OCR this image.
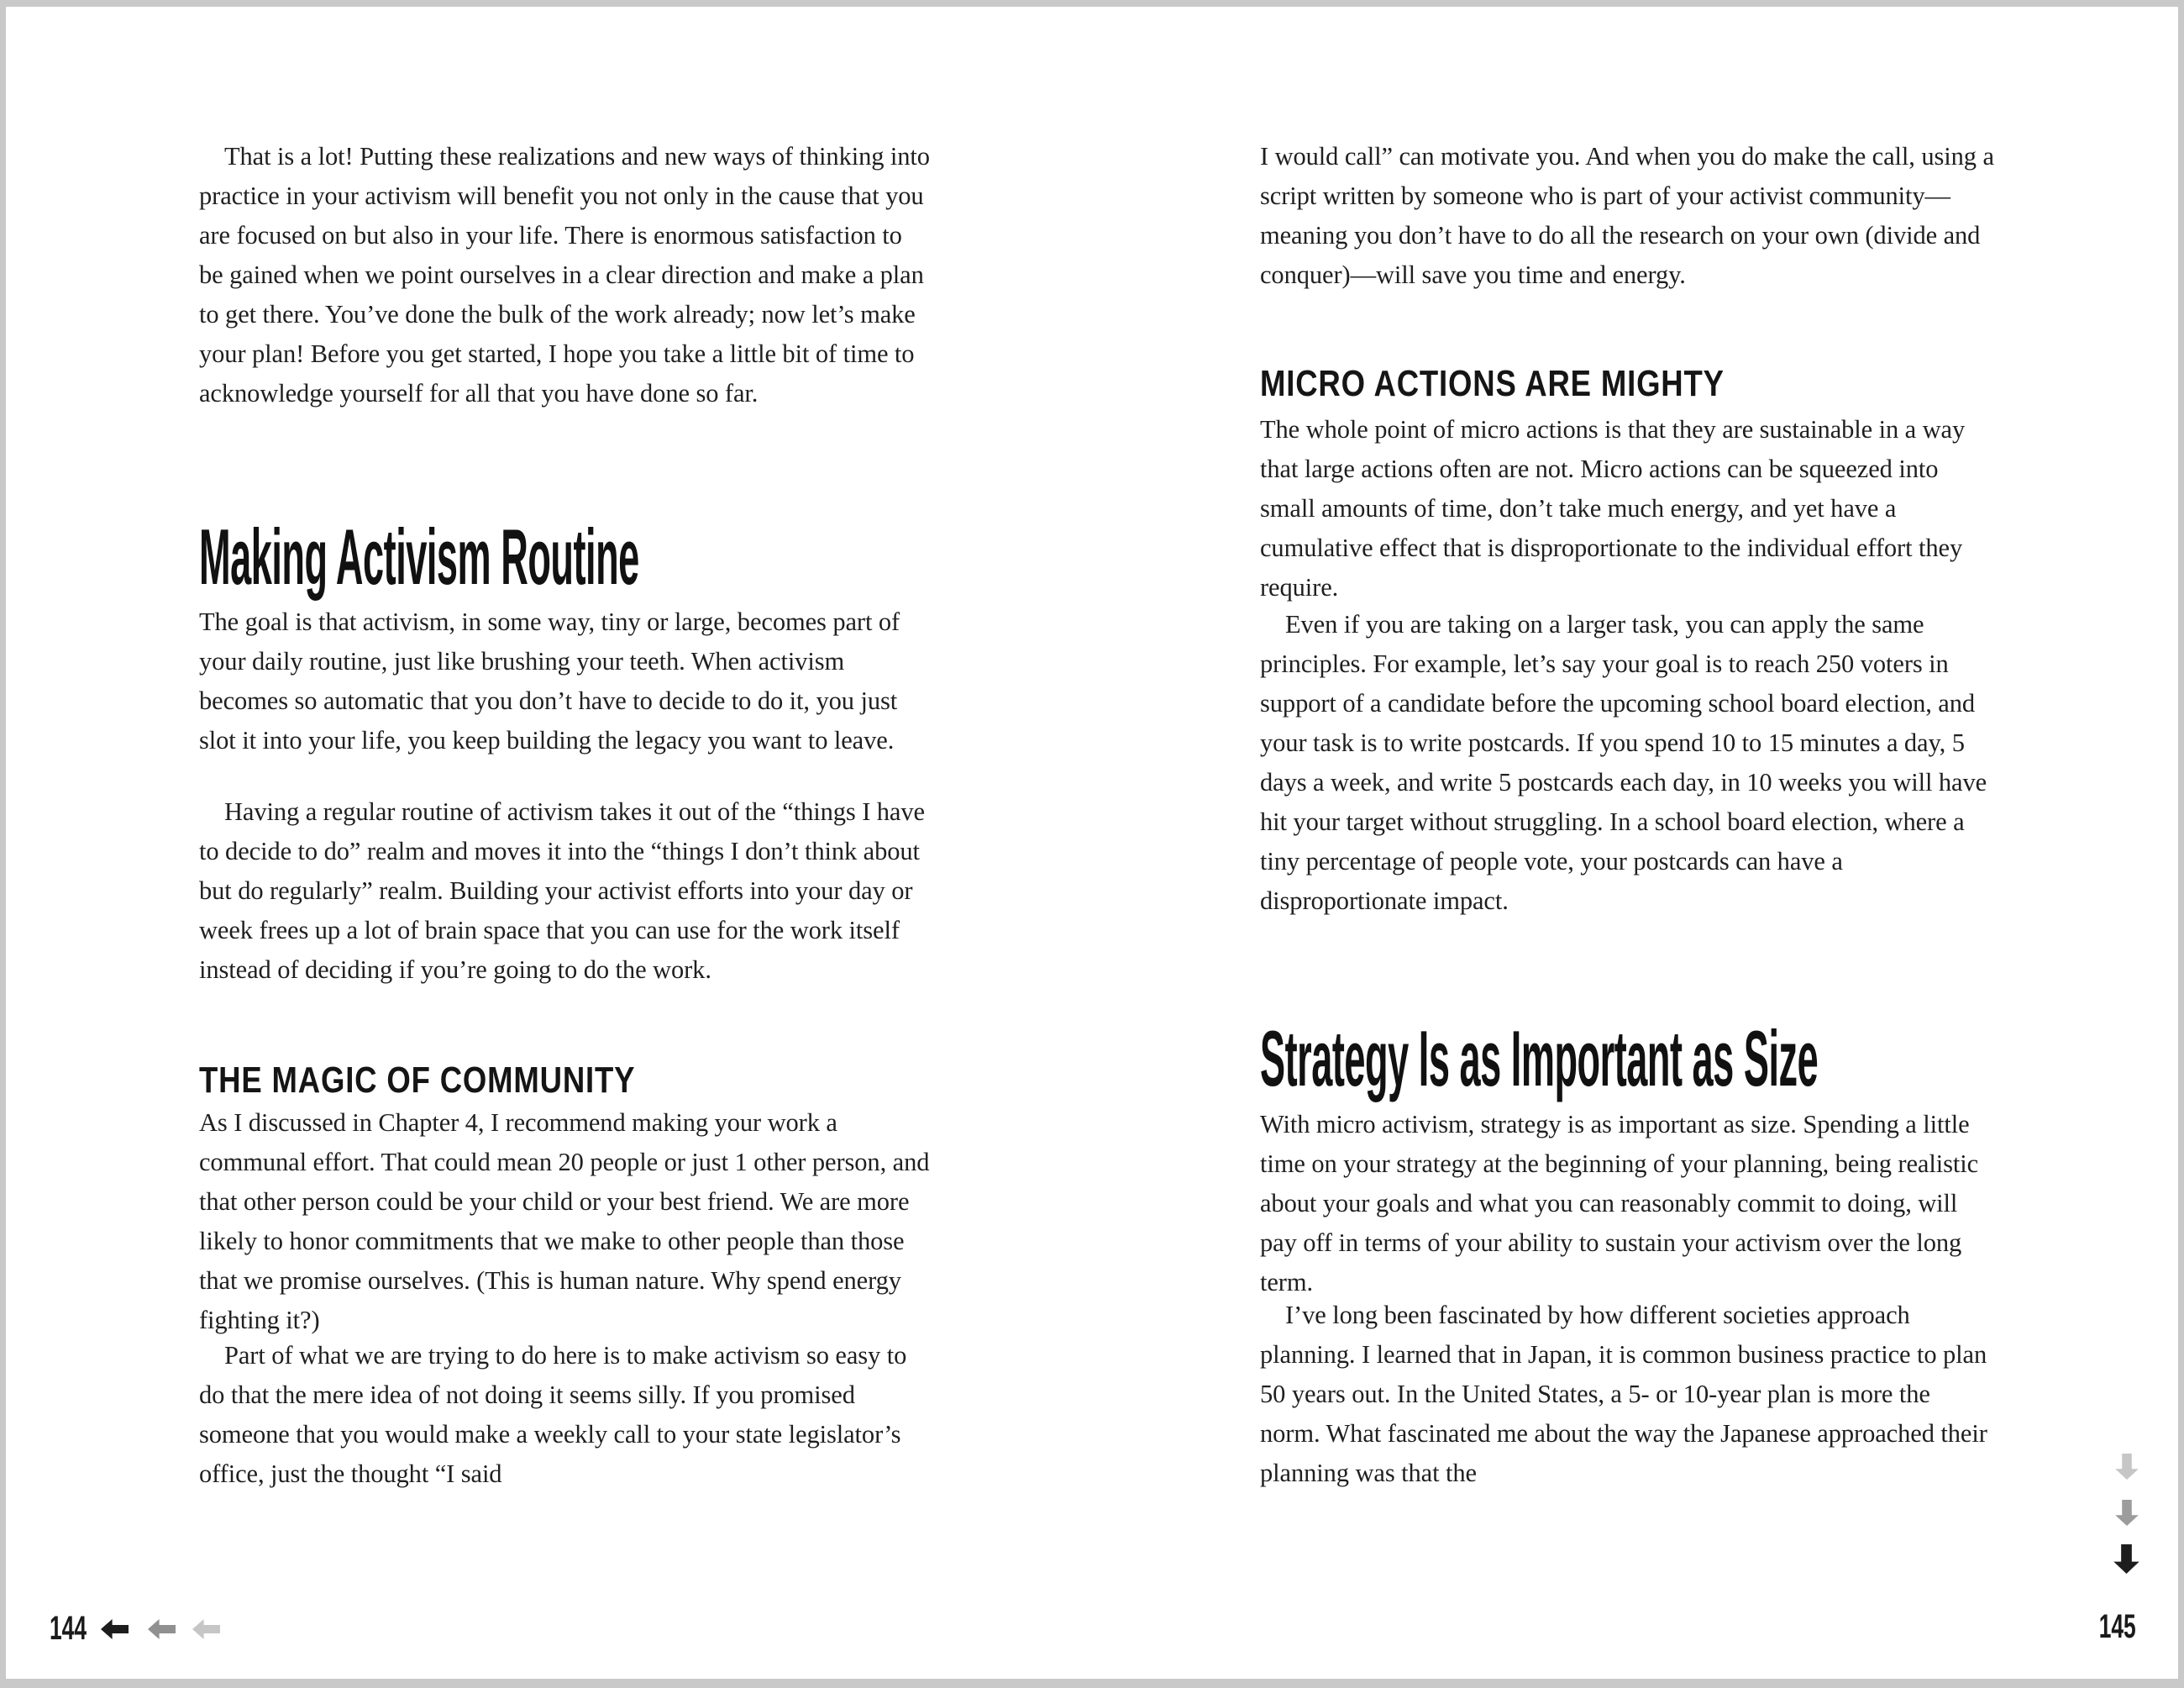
That is a lot! Putting these realizations and new ways of thinking into practice in your activism will benefit you not only in the cause that you are focused on but also in your life. There is enormous satisfaction to be gained when we point ourselves in a clear direction and make a plan to get there. You’ve done the bulk of the work already; now let’s make your plan! Before you get started, I hope you take a little bit of time to acknowledge yourself for all that you have done so far.

Making Activism Routine

The goal is that activism, in some way, tiny or large, becomes part of your daily routine, just like brushing your teeth. When activism becomes so automatic that you don’t have to decide to do it, you just slot it into your life, you keep building the legacy you want to leave.

Having a regular routine of activism takes it out of the “things I have to decide to do” realm and moves it into the “things I don’t think about but do regularly” realm. Building your activist efforts into your day or week frees up a lot of brain space that you can use for the work itself instead of deciding if you’re going to do the work.

THE MAGIC OF COMMUNITY

As I discussed in Chapter 4, I recommend making your work a communal effort. That could mean 20 people or just 1 other person, and that other person could be your child or your best friend. We are more likely to honor commitments that we make to other people than those that we promise ourselves. (This is human nature. Why spend energy fighting it?)

Part of what we are trying to do here is to make activism so easy to do that the mere idea of not doing it seems silly. If you promised someone that you would make a weekly call to your state legislator’s office, just the thought “I said

I would call” can motivate you. And when you do make the call, using a script written by someone who is part of your activist community—meaning you don’t have to do all the research on your own (divide and conquer)—will save you time and energy.

MICRO ACTIONS ARE MIGHTY

The whole point of micro actions is that they are sustainable in a way that large actions often are not. Micro actions can be squeezed into small amounts of time, don’t take much energy, and yet have a cumulative effect that is disproportionate to the individual effort they require.

Even if you are taking on a larger task, you can apply the same principles. For example, let’s say your goal is to reach 250 voters in support of a candidate before the upcoming school board election, and your task is to write postcards. If you spend 10 to 15 minutes a day, 5 days a week, and write 5 postcards each day, in 10 weeks you will have hit your target without struggling. In a school board election, where a tiny percentage of people vote, your postcards can have a disproportionate impact.

Strategy Is as Important as Size

With micro activism, strategy is as important as size. Spending a little time on your strategy at the beginning of your planning, being realistic about your goals and what you can reasonably commit to doing, will pay off in terms of your ability to sustain your activism over the long term.

I’ve long been fascinated by how different societies approach planning. I learned that in Japan, it is common business practice to plan 50 years out. In the United States, a 5- or 10-year plan is more the norm. What fascinated me about the way the Japanese approached their planning was that the

144	145
